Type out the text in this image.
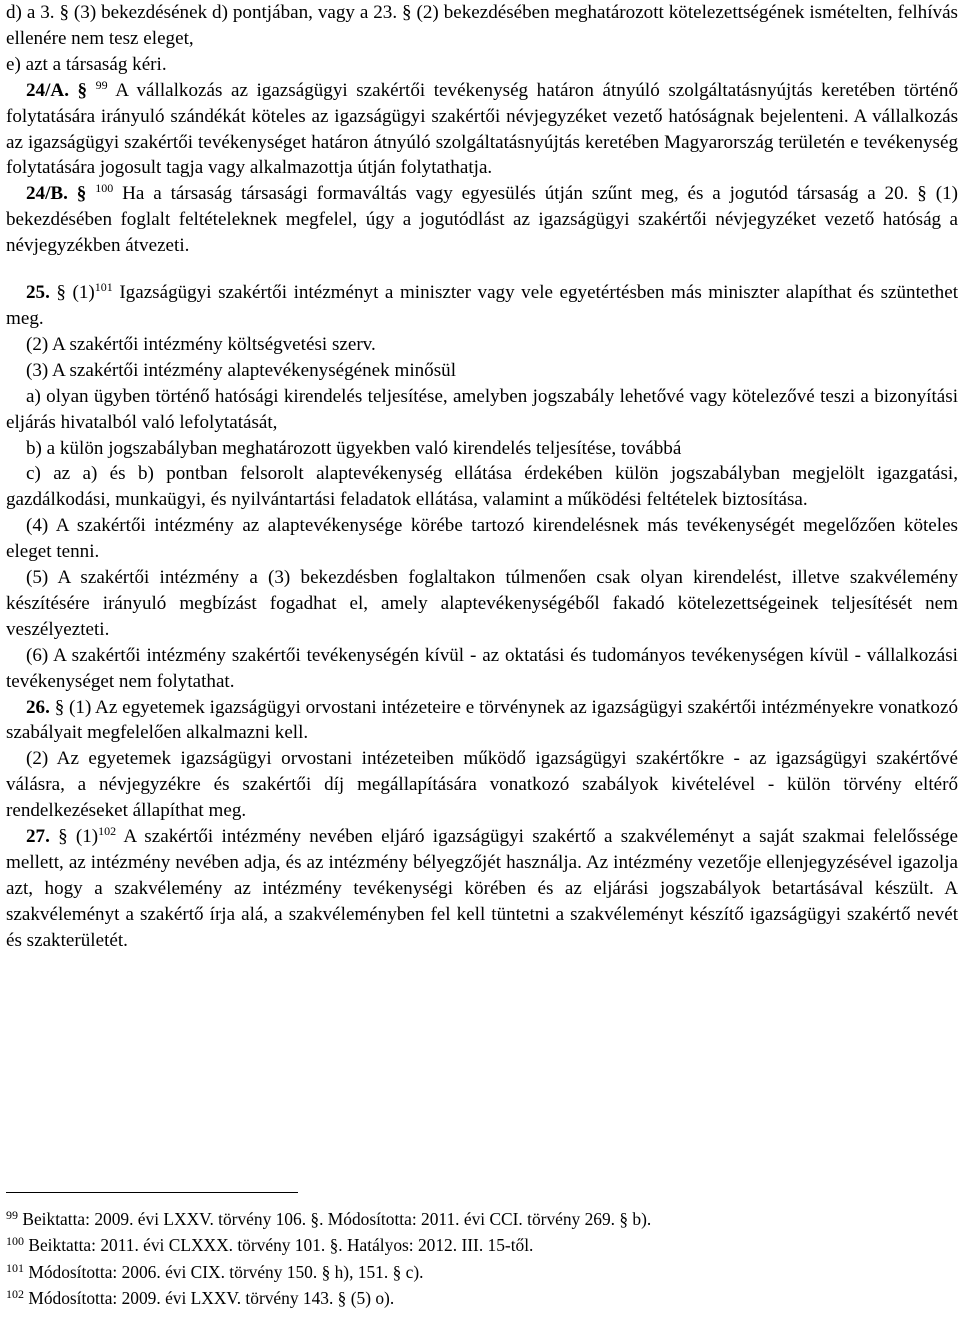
d) a 3. § (3) bekezdésének d) pontjában, vagy a 23. § (2) bekezdésében meghatározott kötelezettségének ismételten, felhívás ellenére nem tesz eleget,

e) azt a társaság kéri.

24/A. § $^{99}$ A vállalkozás az igazságügyi szakértői tevékenység határon átnyúló szolgáltatásnyújtás keretében történő folytatására irányuló szándékát köteles az igazságügyi szakértői névjegyzéket vezető hatóságnak bejelenteni. A vállalkozás az igazságügyi szakértői tevékenységet határon átnyúló szolgáltatásnyújtás keretében Magyarország területén e tevékenység folytatására jogosult tagja vagy alkalmazottja útján folytathatja.

24/B. § $^{100}$ Ha a társaság társasági formaváltás vagy egyesülés útján szűnt meg, és a jogutód társaság a 20. § (1) bekezdésében foglalt feltételeknek megfelel, úgy a jogutódlást az igazságügyi szakértői névjegyzéket vezető hatóság a névjegyzékben átvezeti.

25. § $(1)^{101}$ Igazságügyi szakértői intézményt a miniszter vagy vele egyetértésben más miniszter alapíthat és szüntethet meg.

(2) A szakértői intézmény költségvetési szerv.

(3) A szakértői intézmény alaptevékenységének minősül

a) olyan ügyben történő hatósági kirendelés teljesítése, amelyben jogszabály lehetővé vagy kötelezővé teszi a bizonyítási eljárás hivatalból való lefolytatását,

b) a külön jogszabályban meghatározott ügyekben való kirendelés teljesítése, továbbá

c) az a) és b) pontban felsorolt alaptevékenység ellátása érdekében külön jogszabályban megjelölt igazgatási, gazdálkodási, munkaügyi, és nyilvántartási feladatok ellátása, valamint a működési feltételek biztosítása.

(4) A szakértői intézmény az alaptevékenysége körébe tartozó kirendelésnek más tevékenységét megelőzően köteles eleget tenni.

(5) A szakértői intézmény a (3) bekezdésben foglaltakon túlmenően csak olyan kirendelést, illetve szakvélemény készítésére irányuló megbízást fogadhat el, amely alaptevékenységéből fakadó kötelezettségeinek teljesítését nem veszélyezteti.

(6) A szakértői intézmény szakértői tevékenységén kívül - az oktatási és tudományos tevékenységen kívül - vállalkozási tevékenységet nem folytathat.

26. § (1) Az egyetemek igazságügyi orvostani intézeteire e törvénynek az igazságügyi szakértői intézményekre vonatkozó szabályait megfelelően alkalmazni kell.

(2) Az egyetemek igazságügyi orvostani intézeteiben működő igazságügyi szakértőkre - az igazságügyi szakértővé válásra, a névjegyzékre és szakértői díj megállapítására vonatkozó szabályok kivételével - külön törvény eltérő rendelkezéseket állapíthat meg.

27. § $(1)^{102}$ A szakértői intézmény nevében eljáró igazságügyi szakértő a szakvéleményt a saját szakmai felelőssége mellett, az intézmény nevében adja, és az intézmény bélyegzőjét használja. Az intézmény vezetője ellenjegyzésével igazolja azt, hogy a szakvélemény az intézmény tevékenységi körében és az eljárási jogszabályok betartásával készült. A szakvéleményt a szakértő írja alá, a szakvéleményben fel kell tüntetni a szakvéleményt készítő igazságügyi szakértő nevét és szakterületét.

$^{99}$ Beiktatta: 2009. évi LXXV. törvény 106. §. Módosította: 2011. évi CCI. törvény 269. § b).

$^{100}$ Beiktatta: 2011. évi CLXXX. törvény 101. §. Hatályos: 2012. III. 15-től.

$^{101}$ Módosította: 2006. évi CIX. törvény 150. § h), 151. § c).

$^{102}$ Módosította: 2009. évi LXXV. törvény 143. § (5) o).
